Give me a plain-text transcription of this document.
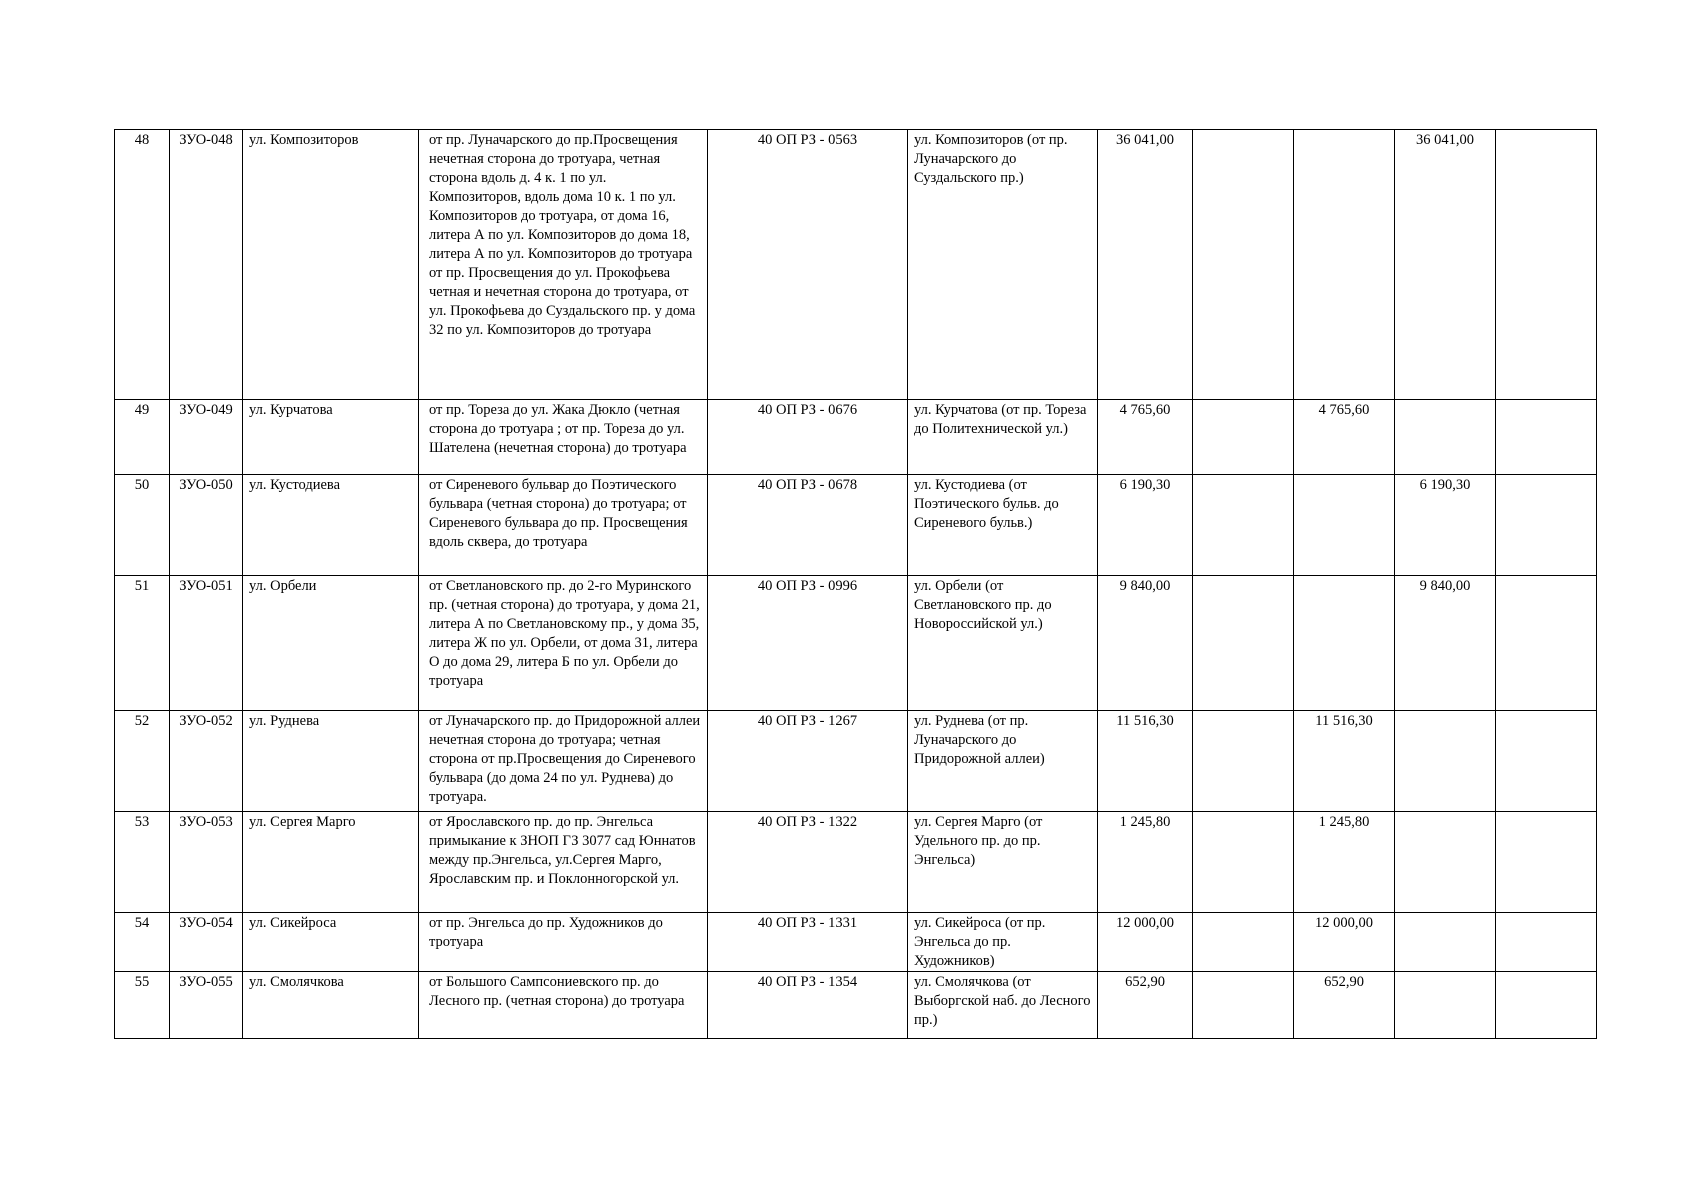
48	ЗУО-048	ул. Композиторов	от пр. Луначарского до пр.Просвещения нечетная сторона до тротуара, четная сторона вдоль д. 4 к. 1 по ул. Композиторов, вдоль дома 10 к. 1 по ул. Композиторов до тротуара, от дома 16, литера А по ул. Композиторов до дома 18, литера А по ул. Композиторов до тротуара от пр. Просвещения до ул. Прокофьева четная и нечетная сторона до тротуара, от ул. Прокофьева до Суздальского пр. у дома 32 по ул. Композиторов до тротуара	40 ОП РЗ - 0563	ул. Композиторов (от пр. Луначарского до Суздальского пр.)	36 041,00			36 041,00	
49	ЗУО-049	ул. Курчатова	от пр. Тореза до ул. Жака Дюкло (четная сторона до тротуара ; от пр. Тореза до ул. Шателена (нечетная сторона) до тротуара	40 ОП РЗ - 0676	ул. Курчатова (от пр. Тореза до Политехнической ул.)	4 765,60		4 765,60		
50	ЗУО-050	ул. Кустодиева	от Сиреневого бульвар до Поэтического бульвара (четная сторона) до тротуара; от Сиреневого бульвара до пр. Просвещения вдоль сквера, до тротуара	40 ОП РЗ - 0678	ул. Кустодиева (от Поэтического бульв. до Сиреневого бульв.)	6 190,30			6 190,30	
51	ЗУО-051	ул. Орбели	от Светлановского пр. до 2-го Муринского пр. (четная сторона) до тротуара, у дома 21, литера А по Светлановскому пр., у дома 35, литера Ж по ул. Орбели, от дома 31, литера О до дома 29, литера Б по ул. Орбели до тротуара	40 ОП РЗ - 0996	ул. Орбели (от Светлановского пр. до Новороссийской ул.)	9 840,00			9 840,00	
52	ЗУО-052	ул. Руднева	от Луначарского пр. до Придорожной аллеи нечетная сторона до тротуара; четная сторона от пр.Просвещения до Сиреневого бульвара (до дома 24 по ул. Руднева) до тротуара.	40 ОП РЗ - 1267	ул. Руднева (от пр. Луначарского до Придорожной аллеи)	11 516,30		11 516,30		
53	ЗУО-053	ул. Сергея Марго	от Ярославского пр. до пр. Энгельса примыкание к ЗНОП ГЗ 3077 сад Юннатов между пр.Энгельса, ул.Сергея Марго, Ярославским пр. и Поклонногорской ул.	40 ОП РЗ - 1322	ул. Сергея Марго (от Удельного пр. до пр. Энгельса)	1 245,80		1 245,80		
54	ЗУО-054	ул. Сикейроса	от пр. Энгельса до пр. Художников до тротуара	40 ОП РЗ - 1331	ул. Сикейроса (от пр. Энгельса до пр. Художников)	12 000,00		12 000,00		
55	ЗУО-055	ул. Смолячкова	от Большого Сампсониевского пр. до Лесного пр. (четная сторона) до тротуара	40 ОП РЗ - 1354	ул. Смолячкова (от Выборгской наб. до Лесного пр.)	652,90		652,90		
